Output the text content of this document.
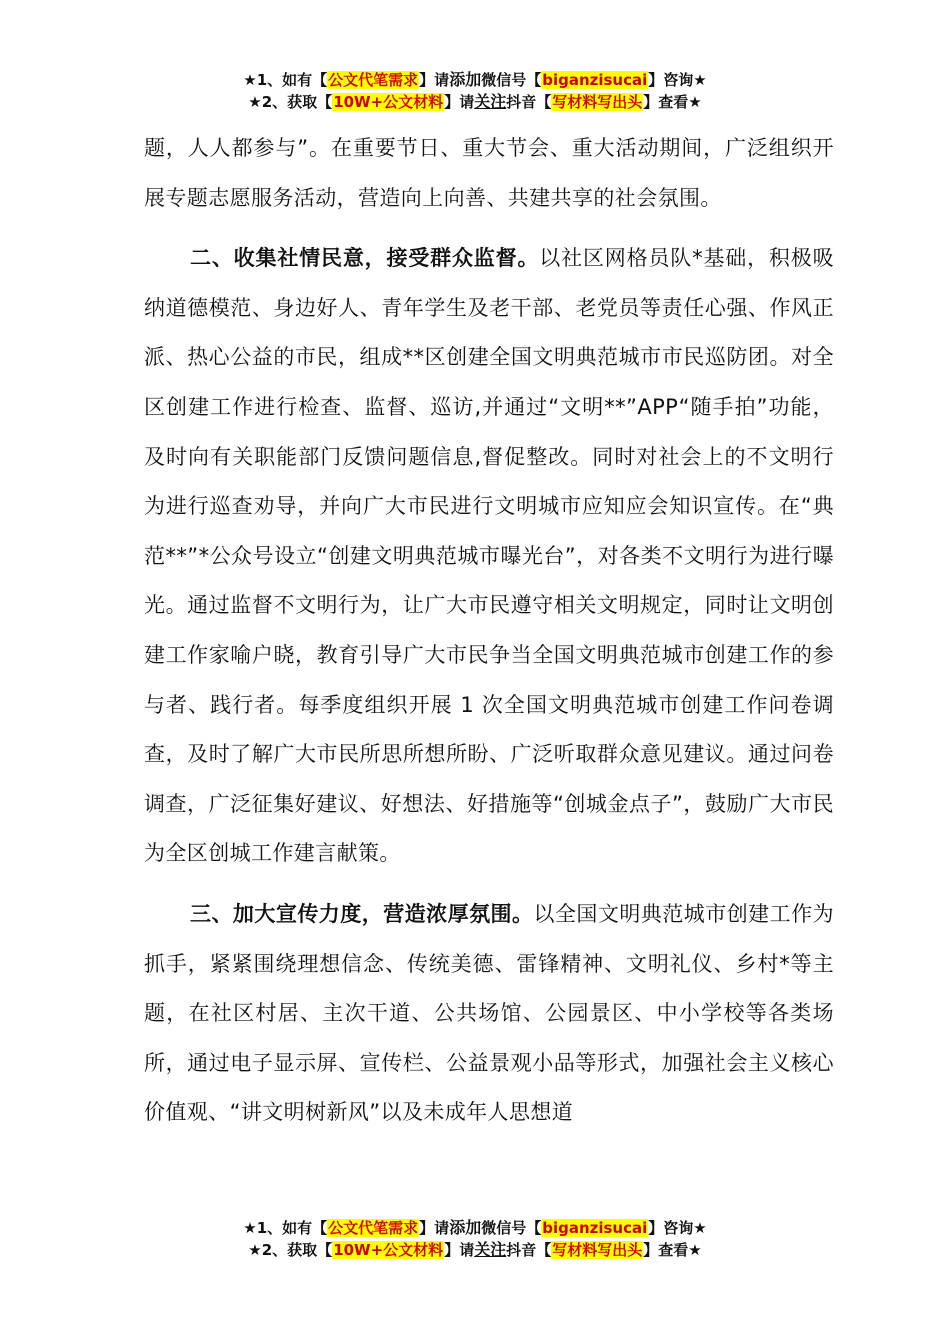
★1、如有【公文代笔需求】请添加微信号【biganzisucai】咨询★
★2、获取【10W+公文材料】请关注抖音【写材料写出头】查看★

题，人人都参与”。在重要节日、重大节会、重大活动期间，广泛组织开展专题志愿服务活动，营造向上向善、共建共享的社会氛围。

二、收集社情民意，接受群众监督。以社区网格员队*基础，积极吸纳道德模范、身边好人、青年学生及老干部、老党员等责任心强、作风正派、热心公益的市民，组成**区创建全国文明典范城市市民巡防团。对全区创建工作进行检查、监督、巡访,并通过“文明**”APP“随手拍”功能，及时向有关职能部门反馈问题信息,督促整改。同时对社会上的不文明行为进行巡查劝导，并向广大市民进行文明城市应知应会知识宣传。在“典范**”*公众号设立“创建文明典范城市曝光台”，对各类不文明行为进行曝光。通过监督不文明行为，让广大市民遵守相关文明规定，同时让文明创建工作家喻户晓，教育引导广大市民争当全国文明典范城市创建工作的参与者、践行者。每季度组织开展 1 次全国文明典范城市创建工作问卷调查，及时了解广大市民所思所想所盼、广泛听取群众意见建议。通过问卷调查，广泛征集好建议、好想法、好措施等“创城金点子”，鼓励广大市民为全区创城工作建言献策。

三、加大宣传力度，营造浓厚氛围。以全国文明典范城市创建工作为抓手，紧紧围绕理想信念、传统美德、雷锋精神、文明礼仪、乡村*等主题，在社区村居、主次干道、公共场馆、公园景区、中小学校等各类场所，通过电子显示屏、宣传栏、公益景观小品等形式，加强社会主义核心价值观、“讲文明树新风”以及未成年人思想道

★1、如有【公文代笔需求】请添加微信号【biganzisucai】咨询★
★2、获取【10W+公文材料】请关注抖音【写材料写出头】查看★
